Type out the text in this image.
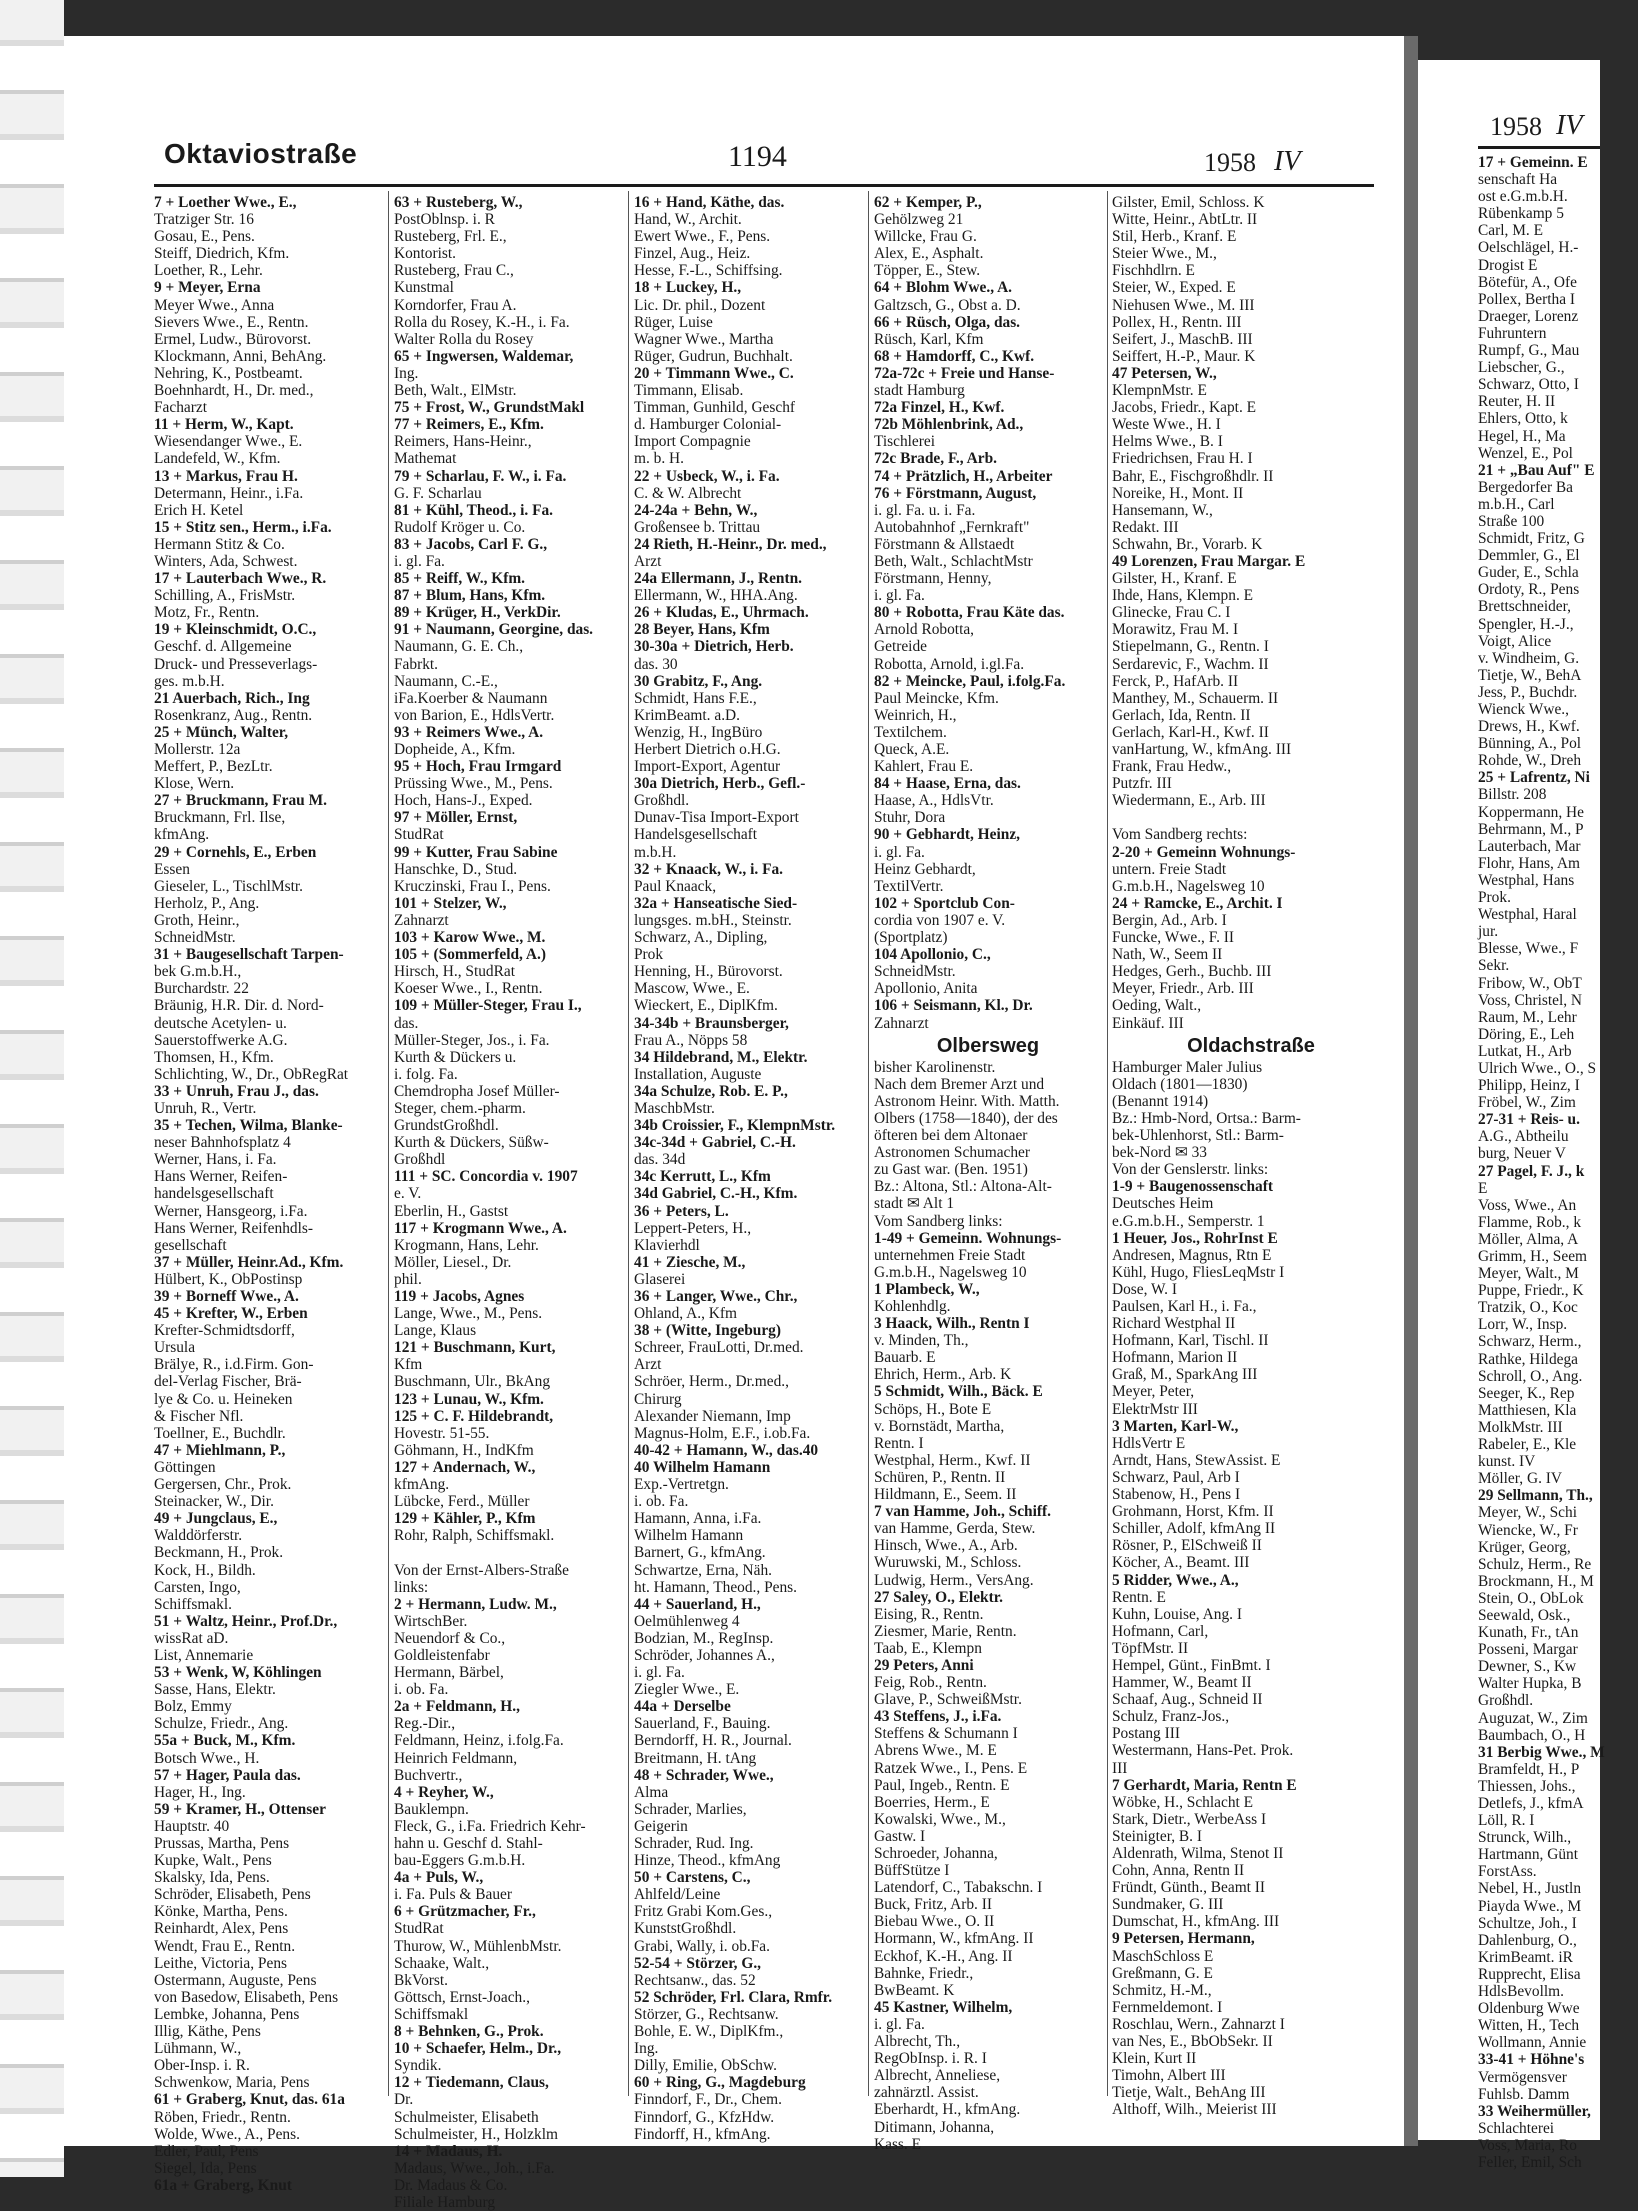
Oktaviostraße	1194	1958 IV
7 + Loether Wwe., E.,
Tratziger Str. 16
Gosau, E., Pens.
Steiff, Diedrich, Kfm.
Loether, R., Lehr.
9 + Meyer, Erna
Meyer Wwe., Anna
Sievers Wwe., E., Rentn.
Ermel, Ludw., Bürovorst.
Klockmann, Anni, BehAng.
Nehring, K., Postbeamt.
Boehnhardt, H., Dr. med.,
Facharzt
11 + Herm, W., Kapt.
Wiesendanger Wwe., E.
Landefeld, W., Kfm.
13 + Markus, Frau H.
Determann, Heinr., i.Fa.
Erich H. Ketel
15 + Stitz sen., Herm., i.Fa.
Hermann Stitz & Co.
Winters, Ada, Schwest.
17 + Lauterbach Wwe., R.
Schilling, A., FrisMstr.
Motz, Fr., Rentn.
19 + Kleinschmidt, O.C.,
Geschf. d. Allgemeine
Druck- und Presseverlags-
ges. m.b.H.
21 Auerbach, Rich., Ing
Rosenkranz, Aug., Rentn.
25 + Münch, Walter,
Mollerstr. 12a
Meffert, P., BezLtr.
Klose, Wern.
27 + Bruckmann, Frau M.
Bruckmann, Frl. Ilse,
kfmAng.
29 + Cornehls, E., Erben
Essen
Gieseler, L., TischlMstr.
Herholz, P., Ang.
Groth, Heinr.,
SchneidMstr.
31 + Baugesellschaft Tarpen-
bek G.m.b.H.,
Burchardstr. 22
Bräunig, H.R. Dir. d. Nord-
deutsche Acetylen- u.
Sauerstoffwerke A.G.
Thomsen, H., Kfm.
Schlichting, W., Dr., ObRegRat
33 + Unruh, Frau J., das.
Unruh, R., Vertr.
35 + Techen, Wilma, Blanke-
neser Bahnhofsplatz 4
Werner, Hans, i. Fa.
Hans Werner, Reifen-
handelsgesellschaft
Werner, Hansgeorg, i.Fa.
Hans Werner, Reifenhdls-
gesellschaft
37 + Müller, Heinr.Ad., Kfm.
Hülbert, K., ObPostinsp
39 + Borneff Wwe., A.
45 + Krefter, W., Erben
Krefter-Schmidtsdorff,
Ursula
Brälye, R., i.d.Firm. Gon-
del-Verlag Fischer, Brä-
lye & Co. u. Heineken
& Fischer Nfl.
Toellner, E., Buchdlr.
47 + Miehlmann, P.,
Göttingen
Gergersen, Chr., Prok.
Steinacker, W., Dir.
49 + Jungclaus, E.,
Walddörferstr.
Beckmann, H., Prok.
Kock, H., Bildh.
Carsten, Ingo,
Schiffsmakl.
51 + Waltz, Heinr., Prof.Dr.,
wissRat aD.
List, Annemarie
53 + Wenk, W, Köhlingen
Sasse, Hans, Elektr.
Bolz, Emmy
Schulze, Friedr., Ang.
55a + Buck, M., Kfm.
Botsch Wwe., H.
57 + Hager, Paula das.
Hager, H., Ing.
59 + Kramer, H., Ottenser
Hauptstr. 40
Prussas, Martha, Pens
Kupke, Walt., Pens
Skalsky, Ida, Pens.
Schröder, Elisabeth, Pens
Könke, Martha, Pens.
Reinhardt, Alex, Pens
Wendt, Frau E., Rentn.
Leithe, Victoria, Pens
Ostermann, Auguste, Pens
von Basedow, Elisabeth, Pens
Lembke, Johanna, Pens
Illig, Käthe, Pens
Lühmann, W.,
Ober-Insp. i. R.
Schwenkow, Maria, Pens
61 + Graberg, Knut, das. 61a
Röben, Friedr., Rentn.
Wolde, Wwe., A., Pens.
Edler, Paul, Pens
Siegel, Ida, Pens
61a + Graberg, Knut
63 + Rusteberg, W.,
PostOblnsp. i. R
Rusteberg, Frl. E.,
Kontorist.
Rusteberg, Frau C.,
Kunstmal
Korndorfer, Frau A.
Rolla du Rosey, K.-H., i. Fa.
Walter Rolla du Rosey
65 + Ingwersen, Waldemar,
Ing.
Beth, Walt., ElMstr.
75 + Frost, W., GrundstMakl
77 + Reimers, E., Kfm.
Reimers, Hans-Heinr.,
Mathemat
79 + Scharlau, F. W., i. Fa.
G. F. Scharlau
81 + Kühl, Theod., i. Fa.
Rudolf Kröger u. Co.
83 + Jacobs, Carl F. G.,
i. gl. Fa.
85 + Reiff, W., Kfm.
87 + Blum, Hans, Kfm.
89 + Krüger, H., VerkDir.
91 + Naumann, Georgine, das.
Naumann, G. E. Ch.,
Fabrkt.
Naumann, C.-E.,
iFa.Koerber & Naumann
von Barion, E., HdlsVertr.
93 + Reimers Wwe., A.
Dopheide, A., Kfm.
95 + Hoch, Frau Irmgard
Prüssing Wwe., M., Pens.
Hoch, Hans-J., Exped.
97 + Möller, Ernst,
StudRat
99 + Kutter, Frau Sabine
Hanschke, D., Stud.
Kruczinski, Frau I., Pens.
101 + Stelzer, W.,
Zahnarzt
103 + Karow Wwe., M.
105 + (Sommerfeld, A.)
Hirsch, H., StudRat
Koeser Wwe., I., Rentn.
109 + Müller-Steger, Frau I.,
das.
Müller-Steger, Jos., i. Fa.
Kurth & Dückers u.
i. folg. Fa.
Chemdropha Josef Müller-
Steger, chem.-pharm.
GrundstGroßhdl.
Kurth & Dückers, Süßw-
Großhdl
111 + SC. Concordia v. 1907
e. V.
Eberlin, H., Gastst
117 + Krogmann Wwe., A.
Krogmann, Hans, Lehr.
Möller, Liesel., Dr.
phil.
119 + Jacobs, Agnes
Lange, Wwe., M., Pens.
Lange, Klaus
121 + Buschmann, Kurt,
Kfm
Buschmann, Ulr., BkAng
123 + Lunau, W., Kfm.
125 + C. F. Hildebrandt,
Hovestr. 51-55.
Göhmann, H., IndKfm
127 + Andernach, W.,
kfmAng.
Lübcke, Ferd., Müller
129 + Kähler, P., Kfm
Rohr, Ralph, Schiffsmakl.

Von der Ernst-Albers-Straße
links:
2 + Hermann, Ludw. M.,
WirtschBer.
Neuendorf & Co.,
Goldleistenfabr
Hermann, Bärbel,
i. ob. Fa.
2a + Feldmann, H.,
Reg.-Dir.,
Feldmann, Heinz, i.folg.Fa.
Heinrich Feldmann,
Buchvertr.,
4 + Reyher, W.,
Bauklempn.
Fleck, G., i.Fa. Friedrich Kehr-
hahn u. Geschf d. Stahl-
bau-Eggers G.m.b.H.
4a + Puls, W.,
i. Fa. Puls & Bauer
6 + Grützmacher, Fr.,
StudRat
Thurow, W., MühlenbMstr.
Schaake, Walt.,
BkVorst.
Göttsch, Ernst-Joach.,
Schiffsmakl
8 + Behnken, G., Prok.
10 + Schaefer, Helm., Dr.,
Syndik.
12 + Tiedemann, Claus,
Dr.
Schulmeister, Elisabeth
Schulmeister, H., Holzklm
14 + Madaus, H.
Madaus, Wwe., Joh., i.Fa.
Dr. Madaus & Co.
Filiale Hamburg
16 + Hand, Käthe, das.
Hand, W., Archit.
Ewert Wwe., F., Pens.
Finzel, Aug., Heiz.
Hesse, F.-L., Schiffsing.
18 + Luckey, H.,
Lic. Dr. phil., Dozent
Rüger, Luise
Wagner Wwe., Martha
Rüger, Gudrun, Buchhalt.
20 + Timmann Wwe., C.
Timmann, Elisab.
Timman, Gunhild, Geschf
d. Hamburger Colonial-
Import Compagnie
m. b. H.
22 + Usbeck, W., i. Fa.
C. & W. Albrecht
24-24a + Behn, W.,
Großensee b. Trittau
24 Rieth, H.-Heinr., Dr. med.,
Arzt
24a Ellermann, J., Rentn.
Ellermann, W., HHA.Ang.
26 + Kludas, E., Uhrmach.
28 Beyer, Hans, Kfm
30-30a + Dietrich, Herb.
das. 30
30 Grabitz, F., Ang.
Schmidt, Hans F.E.,
KrimBeamt. a.D.
Wenzig, H., IngBüro
Herbert Dietrich o.H.G.
Import-Export, Agentur
30a Dietrich, Herb., Gefl.-
Großhdl.
Dunav-Tisa Import-Export
Handelsgesellschaft
m.b.H.
32 + Knaack, W., i. Fa.
Paul Knaack,
32a + Hanseatische Sied-
lungsges. m.bH., Steinstr.
Schwarz, A., Dipling,
Prok
Henning, H., Bürovorst.
Mascow, Wwe., E.
Wieckert, E., DiplKfm.
34-34b + Braunsberger,
Frau A., Nöpps 58
34 Hildebrand, M., Elektr.
Installation, Auguste
34a Schulze, Rob. E. P.,
MaschbMstr.
34b Croissier, F., KlempnMstr.
34c-34d + Gabriel, C.-H.
das. 34d
34c Kerrutt, L., Kfm
34d Gabriel, C.-H., Kfm.
36 + Peters, L.
Leppert-Peters, H.,
Klavierhdl
41 + Ziesche, M.,
Glaserei
36 + Langer, Wwe., Chr.,
Ohland, A., Kfm
38 + (Witte, Ingeburg)
Schreer, FrauLotti, Dr.med.
Arzt
Schröer, Herm., Dr.med.,
Chirurg
Alexander Niemann, Imp
Magnus-Holm, E.F., i.ob.Fa.
40-42 + Hamann, W., das.40
40 Wilhelm Hamann
Exp.-Vertretgn.
i. ob. Fa.
Hamann, Anna, i.Fa.
Wilhelm Hamann
Barnert, G., kfmAng.
Schwartze, Erna, Näh.
ht. Hamann, Theod., Pens.
44 + Sauerland, H.,
Oelmühlenweg 4
Bodzian, M., RegInsp.
Schröder, Johannes A.,
i. gl. Fa.
Ziegler Wwe., E.
44a + Derselbe
Sauerland, F., Bauing.
Berndorff, H. R., Journal.
Breitmann, H. tAng
48 + Schrader, Wwe.,
Alma
Schrader, Marlies,
Geigerin
Schrader, Rud. Ing.
Hinze, Theod., kfmAng
50 + Carstens, C.,
Ahlfeld/Leine
Fritz Grabi Kom.Ges.,
KunststGroßhdl.
Grabi, Wally, i. ob.Fa.
52-54 + Störzer, G.,
Rechtsanw., das. 52
52 Schröder, Frl. Clara, Rmfr.
Störzer, G., Rechtsanw.
Bohle, E. W., DiplKfm.,
Ing.
Dilly, Emilie, ObSchw.
60 + Ring, G., Magdeburg
Finndorf, F., Dr., Chem.
Finndorf, G., KfzHdw.
Findorff, H., kfmAng.
62 + Kemper, P.,
Gehölzweg 21
Willcke, Frau G.
Alex, E., Asphalt.
Töpper, E., Stew.
64 + Blohm Wwe., A.
Galtzsch, G., Obst a. D.
66 + Rüsch, Olga, das.
Rüsch, Karl, Kfm
68 + Hamdorff, C., Kwf.
72a-72c + Freie und Hanse-
stadt Hamburg
72a Finzel, H., Kwf.
72b Möhlenbrink, Ad.,
Tischlerei
72c Brade, F., Arb.
74 + Prätzlich, H., Arbeiter
76 + Förstmann, August,
i. gl. Fa. u. i. Fa.
Autobahnhof „Fernkraft"
Förstmann & Allstaedt
Beth, Walt., SchlachtMstr
Förstmann, Henny,
i. gl. Fa.
80 + Robotta, Frau Käte das.
Arnold Robotta,
Getreide
Robotta, Arnold, i.gl.Fa.
82 + Meincke, Paul, i.folg.Fa.
Paul Meincke, Kfm.
Weinrich, H.,
Textilchem.
Queck, A.E.
Kahlert, Frau E.
84 + Haase, Erna, das.
Haase, A., HdlsVtr.
Stuhr, Dora
90 + Gebhardt, Heinz,
i. gl. Fa.
Heinz Gebhardt,
TextilVertr.
102 + Sportclub Con-
cordia von 1907 e. V.
(Sportplatz)
104 Apollonio, C.,
SchneidMstr.
Apollonio, Anita
106 + Seismann, Kl., Dr.
Zahnarzt
Olbersweg
bisher Karolinenstr.
Nach dem Bremer Arzt und
Astronom Heinr. With. Matth.
Olbers (1758—1840), der des
öfteren bei dem Altonaer
Astronomen Schumacher
zu Gast war. (Ben. 1951)
Bz.: Altona, Stl.: Altona-Alt-
stadt ✉ Alt 1
Vom Sandberg links:
1-49 + Gemeinn. Wohnungs-
unternehmen Freie Stadt
G.m.b.H., Nagelsweg 10
1 Plambeck, W.,
Kohlenhdlg.
3 Haack, Wilh., Rentn I
v. Minden, Th.,
Bauarb. E
Ehrich, Herm., Arb. K
5 Schmidt, Wilh., Bäck. E
Schöps, H., Bote E
v. Bornstädt, Martha,
Rentn. I
Westphal, Herm., Kwf. II
Schüren, P., Rentn. II
Hildmann, E., Seem. II
7 van Hamme, Joh., Schiff.
van Hamme, Gerda, Stew.
Hinsch, Wwe., A., Arb.
Wuruwski, M., Schloss.
Ludwig, Herm., VersAng.
27 Saley, O., Elektr.
Eising, R., Rentn.
Ziesmer, Marie, Rentn.
Taab, E., Klempn
29 Peters, Anni
Feig, Rob., Rentn.
Glave, P., SchweißMstr.
43 Steffens, J., i.Fa.
Steffens & Schumann I
Abrens Wwe., M. E
Ratzek Wwe., I., Pens. E
Paul, Ingeb., Rentn. E
Boerries, Herm., E
Kowalski, Wwe., M.,
Gastw. I
Schroeder, Johanna,
BüffStütze I
Latendorf, C., Tabakschn. I
Buck, Fritz, Arb. II
Biebau Wwe., O. II
Hormann, W., kfmAng. II
Eckhof, K.-H., Ang. II
Bahnke, Friedr.,
BwBeamt. K
45 Kastner, Wilhelm,
i. gl. Fa.
Albrecht, Th.,
RegObInsp. i. R. I
Albrecht, Anneliese,
zahnärztl. Assist.
Eberhardt, H., kfmAng.
Ditimann, Johanna,
Kass. E
Gilster, Emil, Schloss. K
Witte, Heinr., AbtLtr. II
Stil, Herb., Kranf. E
Steier Wwe., M.,
Fischhdlrn. E
Steier, W., Exped. E
Niehusen Wwe., M. III
Pollex, H., Rentn. III
Seifert, J., MaschB. III
Seiffert, H.-P., Maur. K
47 Petersen, W.,
KlempnMstr. E
Jacobs, Friedr., Kapt. E
Weste Wwe., H. I
Helms Wwe., B. I
Friedrichsen, Frau H. I
Bahr, E., Fischgroßhdlr. II
Noreike, H., Mont. II
Hansemann, W.,
Redakt. III
Schwahn, Br., Vorarb. K
49 Lorenzen, Frau Margar. E
Gilster, H., Kranf. E
Ihde, Hans, Klempn. E
Glinecke, Frau C. I
Morawitz, Frau M. I
Stiepelmann, G., Rentn. I
Serdarevic, F., Wachm. II
Ferck, P., HafArb. II
Manthey, M., Schauerm. II
Gerlach, Ida, Rentn. II
Gerlach, Karl-H., Kwf. II
vanHartung, W., kfmAng. III
Frank, Frau Hedw.,
Putzfr. III
Wiedermann, E., Arb. III

Vom Sandberg rechts:
2-20 + Gemeinn Wohnungs-
untern. Freie Stadt
G.m.b.H., Nagelsweg 10
24 + Ramcke, E., Archit. I
Bergin, Ad., Arb. I
Funcke, Wwe., F. II
Nath, W., Seem II
Hedges, Gerh., Buchb. III
Meyer, Friedr., Arb. III
Oeding, Walt.,
Einkäuf. III
Oldachstraße
Hamburger Maler Julius
Oldach (1801—1830)
(Benannt 1914)
Bz.: Hmb-Nord, Ortsa.: Barm-
bek-Uhlenhorst, Stl.: Barm-
bek-Nord ✉ 33
Von der Genslerstr. links:
1-9 + Baugenossenschaft
Deutsches Heim
e.G.m.b.H., Semperstr. 1
1 Heuer, Jos., RohrInst E
Andresen, Magnus, Rtn E
Kühl, Hugo, FliesLeqMstr I
Dose, W. I
Paulsen, Karl H., i. Fa.,
Richard Westphal II
Hofmann, Karl, Tischl. II
Hofmann, Marion II
Graß, M., SparkAng III
Meyer, Peter,
ElektrMstr III
3 Marten, Karl-W.,
HdlsVertr E
Arndt, Hans, StewAssist. E
Schwarz, Paul, Arb I
Stabenow, H., Pens I
Grohmann, Horst, Kfm. II
Schiller, Adolf, kfmAng II
Rösner, P., ElSchweiß II
Köcher, A., Beamt. III
5 Ridder, Wwe., A.,
Rentn. E
Kuhn, Louise, Ang. I
Hofmann, Carl,
TöpfMstr. II
Hempel, Günt., FinBmt. I
Hammer, W., Beamt II
Schaaf, Aug., Schneid II
Schulz, Franz-Jos.,
Postang III
Westermann, Hans-Pet. Prok.
III
7 Gerhardt, Maria, Rentn E
Wöbke, H., Schlacht E
Stark, Dietr., WerbeAss I
Steinigter, B. I
Aldenrath, Wilma, Stenot II
Cohn, Anna, Rentn II
Fründt, Günth., Beamt II
Sundmaker, G. III
Dumschat, H., kfmAng. III
9 Petersen, Hermann,
MaschSchloss E
Greßmann, G. E
Schmitz, H.-M.,
Fernmeldemont. I
Roschlau, Wern., Zahnarzt I
van Nes, E., BbObSekr. II
Klein, Kurt II
Timohn, Albert III
Tietje, Walt., BehAng III
Althoff, Wilh., Meierist III
1958 IV
17 + Gemeinn. E
senschaft Ha
ost e.G.m.b.H.
Rübenkamp 5
Carl, M. E
Oelschlägel, H.-
Drogist E
Bötefür, A., Ofe
Pollex, Bertha I
Draeger, Lorenz
Fuhruntern
Rumpf, G., Mau
Liebscher, G.,
Schwarz, Otto, I
Reuter, H. II
Ehlers, Otto, k
Hegel, H., Ma
Wenzel, E., Pol
21 + „Bau Auf" E
Bergedorfer Ba
m.b.H., Carl
Straße 100
Schmidt, Fritz, G
Demmler, G., El
Guder, E., Schla
Ordoty, R., Pens
Brettschneider,
Spengler, H.-J.,
Voigt, Alice
v. Windheim, G.
Tietje, W., BehA
Jess, P., Buchdr.
Wienck Wwe.,
Drews, H., Kwf.
Bünning, A., Pol
Rohde, W., Dreh
25 + Lafrentz, Ni
Billstr. 208
Koppermann, He
Behrmann, M., P
Lauterbach, Mar
Flohr, Hans, Am
Westphal, Hans
Prok.
Westphal, Haral
jur.
Blesse, Wwe., F
Sekr.
Fribow, W., ObT
Voss, Christel, N
Raum, M., Lehr
Döring, E., Leh
Lutkat, H., Arb
Ulrich Wwe., O., S
Philipp, Heinz, I
Fröbel, W., Zim
27-31 + Reis- u.
A.G., Abtheilu
burg, Neuer V
27 Pagel, F. J., k
E
Voss, Wwe., An
Flamme, Rob., k
Möller, Alma, A
Grimm, H., Seem
Meyer, Walt., M
Puppe, Friedr., K
Tratzik, O., Koc
Lorr, W., Insp.
Schwarz, Herm.,
Rathke, Hildega
Schroll, O., Ang.
Seeger, K., Rep
Matthiesen, Kla
MolkMstr. III
Rabeler, E., Kle
kunst. IV
Möller, G. IV
29 Sellmann, Th.,
Meyer, W., Schi
Wiencke, W., Fr
Krüger, Georg,
Schulz, Herm., Re
Brockmann, H., M
Stein, O., ObLok
Seewald, Osk.,
Kunath, Fr., tAn
Posseni, Margar
Dewner, S., Kw
Walter Hupka, B
Großhdl.
Auguzat, W., Zim
Baumbach, O., H
31 Berbig Wwe., M
Bramfeldt, H., P
Thiessen, Johs.,
Detlefs, J., kfmA
Löll, R. I
Strunck, Wilh.,
Hartmann, Günt
ForstAss.
Nebel, H., Justln
Piayda Wwe., M
Schultze, Joh., I
Dahlenburg, O.,
KrimBeamt. iR
Rupprecht, Elisa
HdlsBevollm.
Oldenburg Wwe
Witten, H., Tech
Wollmann, Annie
33-41 + Höhne's
Vermögensver
Fuhlsb. Damm
33 Weihermüller,
Schlachterei
Voss, Maria, Ro
Feller, Emil, Sch
